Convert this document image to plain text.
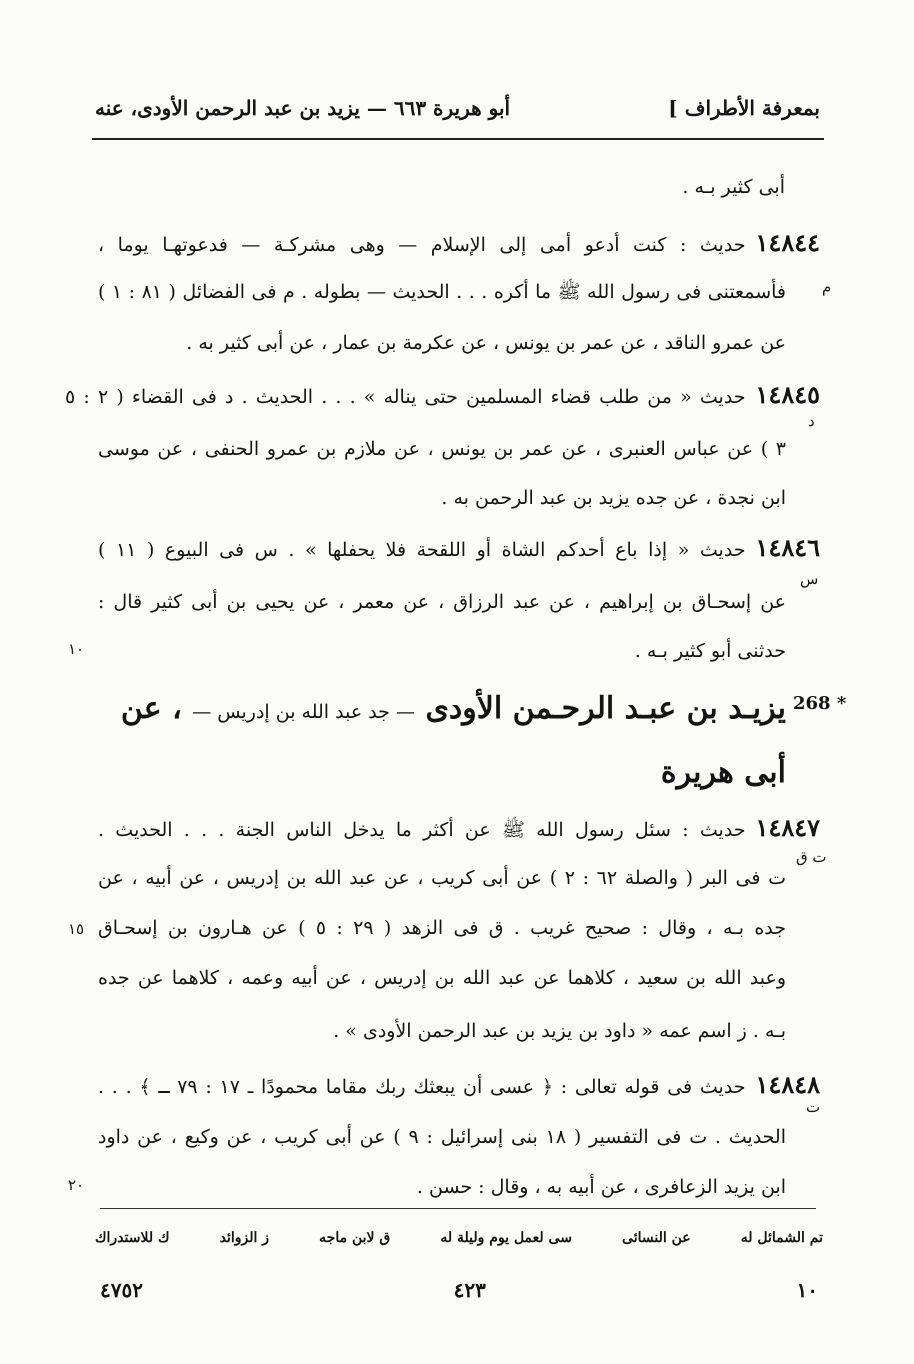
بمعرفة الأطراف ]
أبو هريرة ٦٦٣ — يزيد بن عبد الرحمن الأودى، عنه
أبى كثير بـه .
١٤٨٤٤حديث : كنت أدعو أمى إلى الإسلام — وهى مشركـة — فدعوتهـا يوما ،
فأسمعتنى فى رسول الله ﷺ ما أكره . . . الحديث — بطوله . م فى الفضائل ( ٨١ : ١ )
عن عمرو الناقد ، عن عمر بن يونس ، عن عكرمة بن عمار ، عن أبى كثير به .
١٤٨٤٥حديث « من طلب قضاء المسلمين حتى يناله » . . . الحديث . د فى القضاء ( ٢ : ٥
٣ ) عن عباس العنبرى ، عن عمر بن يونس ، عن ملازم بن عمرو الحنفى ، عن موسى
ابن نجدة ، عن جده يزيد بن عبد الرحمن به .
١٤٨٤٦حديث « إذا باع أحدكم الشاة أو اللقحة فلا يحفلها » . س فى البيوع ( ١١ )
عن إسحـاق بن إبراهيم ، عن عبد الرزاق ، عن معمر ، عن يحيى بن أبى كثير قال :
حدثنى أبو كثير بـه .
268 *
يزيـد بن عبـد الرحـمن الأودى — جد عبد الله بن إدريس — ، عن
أبى هريرة
١٤٨٤٧حديث : سئل رسول الله ﷺ عن أكثر ما يدخل الناس الجنة . . . الحديث .
ت فى البر ( والصلة ٦٢ : ٢ ) عن أبى كريب ، عن عبد الله بن إدريس ، عن أبيه ، عن
جده بـه ، وقال : صحيح غريب . ق فى الزهد ( ٢٩ : ٥ ) عن هـارون بن إسحـاق
وعبد الله بن سعيد ، كلاهما عن عبد الله بن إدريس ، عن أبيه وعمه ، كلاهما عن جده
بـه . ز اسم عمه « داود بن يزيد بن عبد الرحمن الأودى » .
١٤٨٤٨حديث فى قوله تعالى : ﴿ عسى أن يبعثك ربك مقاما محمودًا ـ ١٧ : ٧٩ ـ ﴾ . . .
الحديث . ت فى التفسير ( ١٨ بنى إسرائيل : ٩ ) عن أبى كريب ، عن وكيع ، عن داود
ابن يزيد الزعافرى ، عن أبيه به ، وقال : حسن .
م
د
س
ت ق
ت
١٠
١٥
٢٠
تم الشمائل له
عن النسائى
سى لعمل يوم وليلة له
ق لابن ماجه
ز الزوائد
ك للاستدراك
١٠
٤٢٣
٤٧٥٢
